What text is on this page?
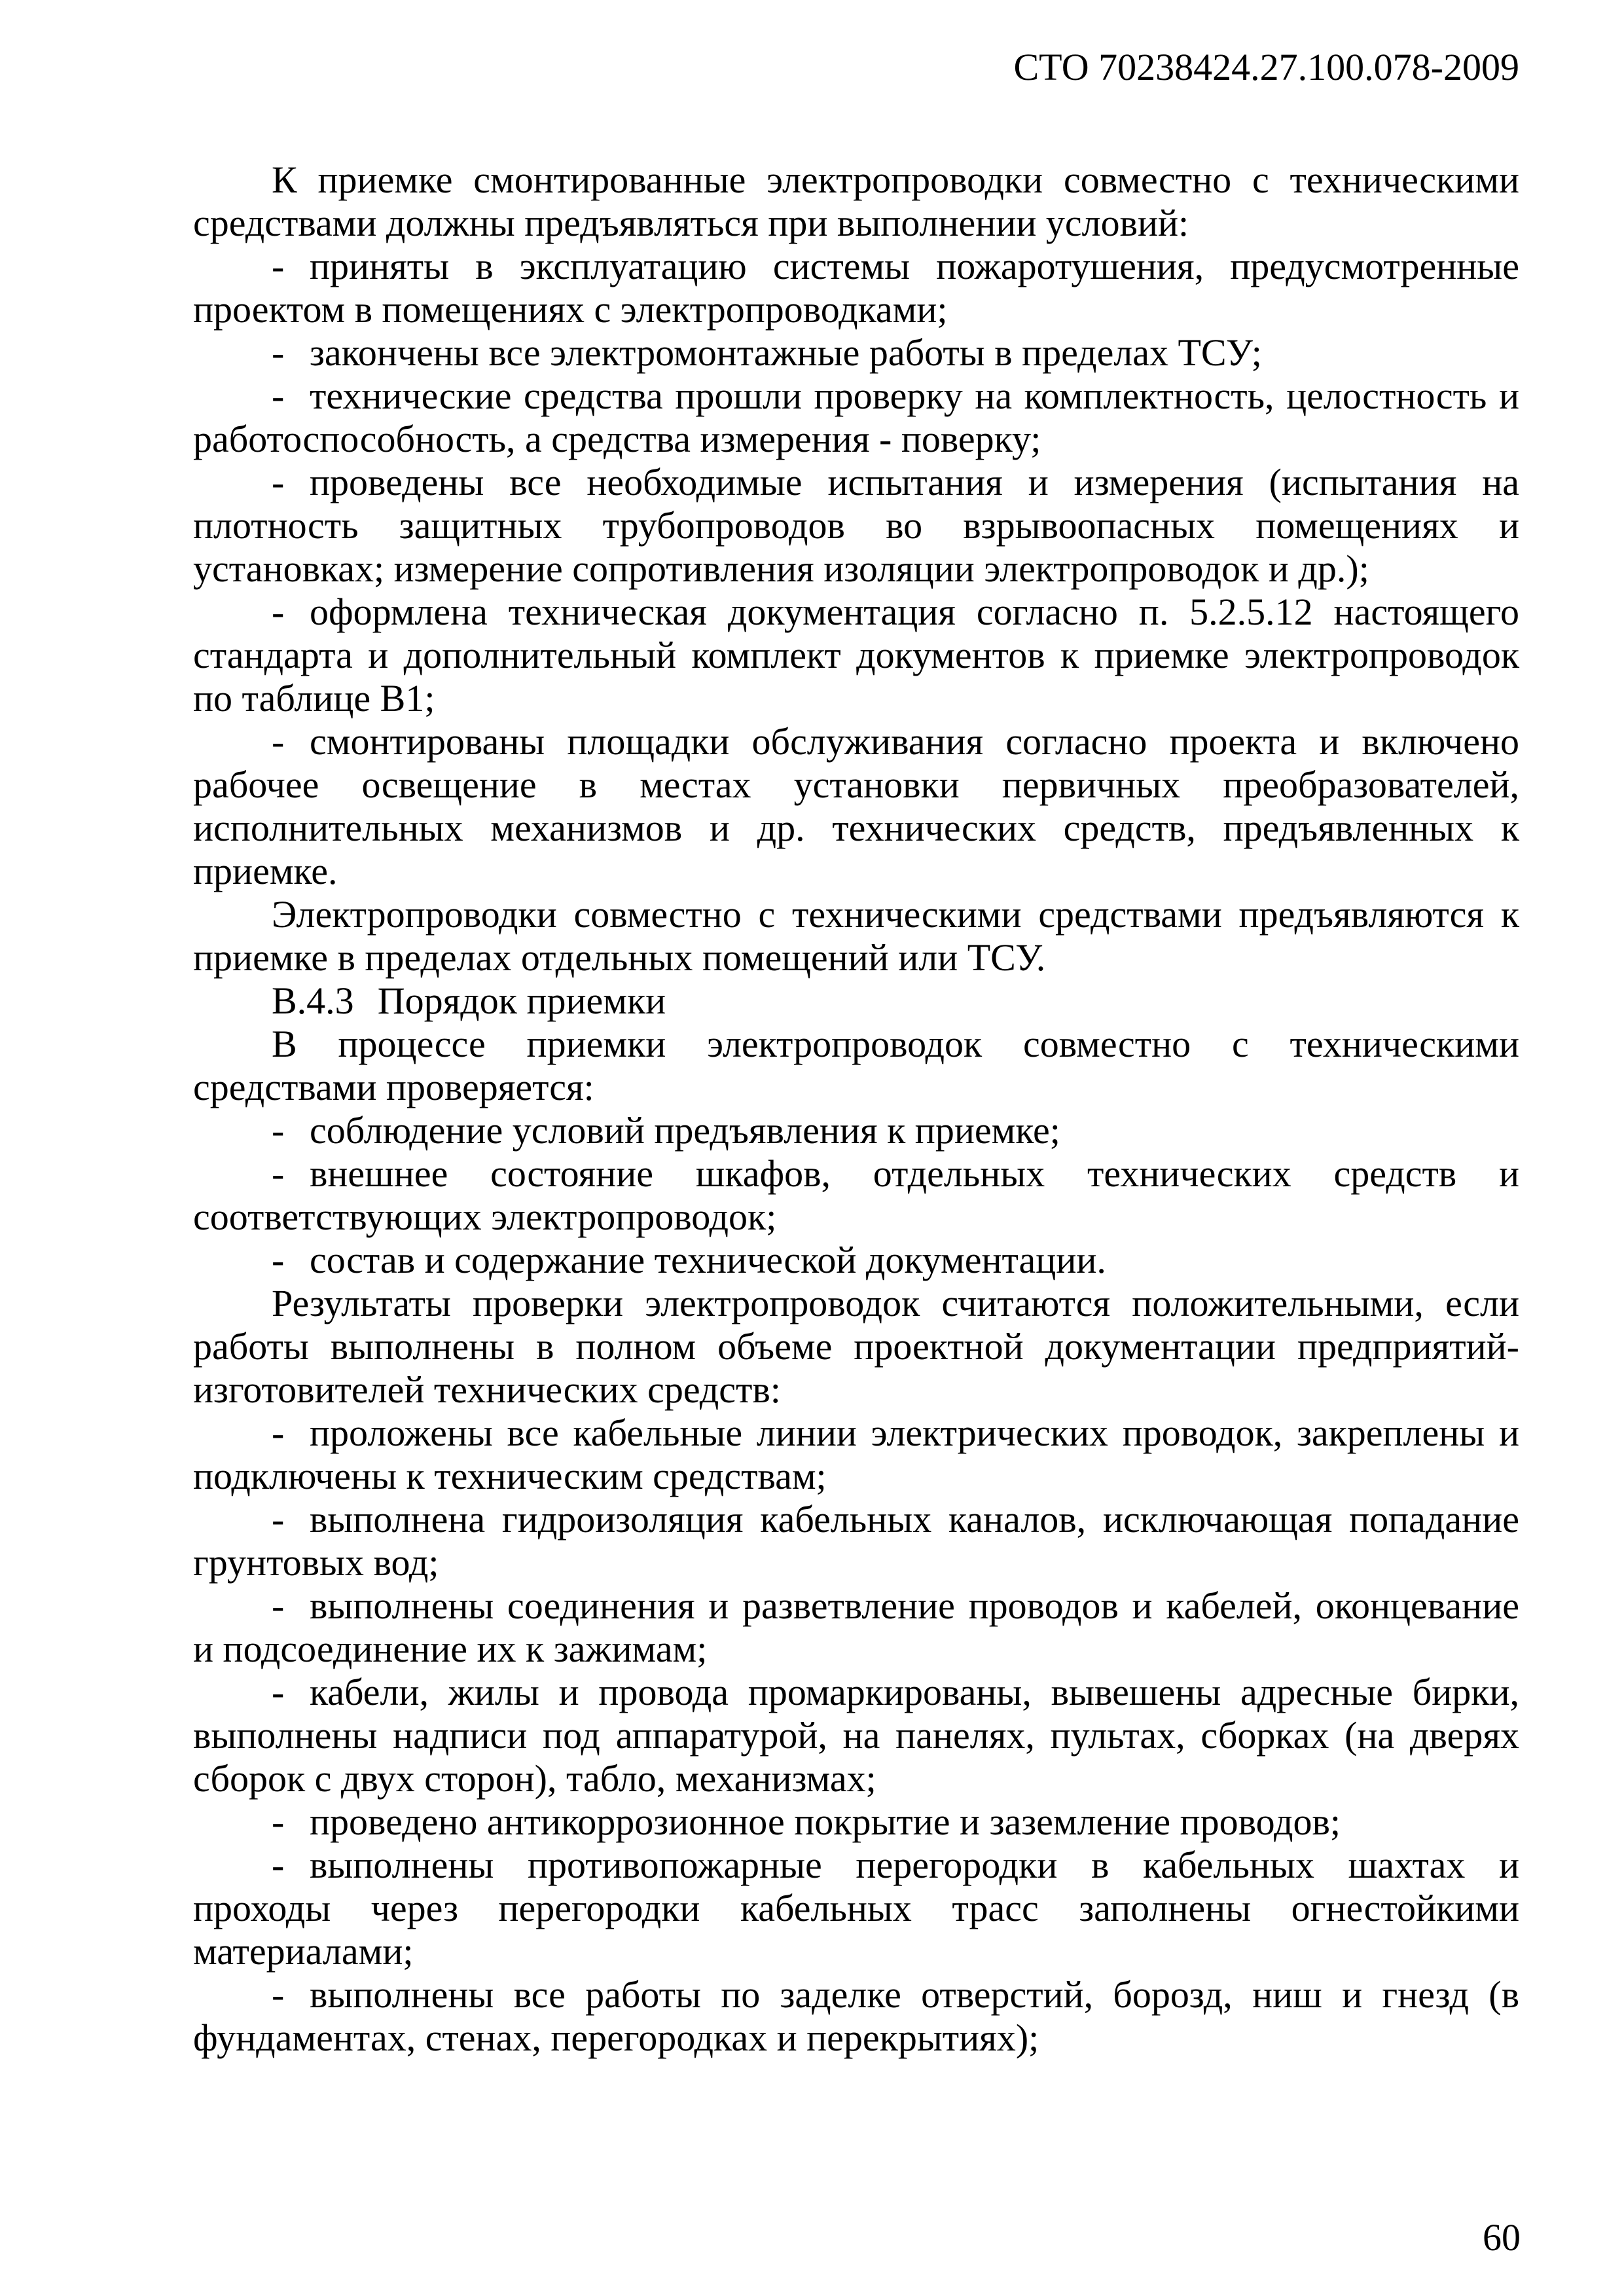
СТО 70238424.27.100.078-2009

К приемке смонтированные электропроводки совместно с техническими средствами должны предъявляться при выполнении условий:

- приняты в эксплуатацию системы пожаротушения, предусмотренные проектом в помещениях с электропроводками;

- закончены все электромонтажные работы в пределах ТСУ;

- технические средства прошли проверку на комплектность, целостность и работоспособность, а средства измерения - поверку;

- проведены все необходимые испытания и измерения (испытания на плотность защитных трубопроводов во взрывоопасных помещениях и установках; измерение сопротивления изоляции электропроводок и др.);

- оформлена техническая документация согласно п. 5.2.5.12 настоящего стандарта и дополнительный комплект документов к приемке электропроводок по таблице В1;

- смонтированы площадки обслуживания согласно проекта и включено рабочее освещение в местах установки первичных преобразователей, исполнительных механизмов и др. технических средств, предъявленных к приемке.

Электропроводки совместно с техническими средствами предъявляются к приемке в пределах отдельных помещений или ТСУ.

В.4.3 Порядок приемки

В процессе приемки электропроводок совместно с техническими средствами проверяется:

- соблюдение условий предъявления к приемке;

- внешнее состояние шкафов, отдельных технических средств и соответствующих электропроводок;

- состав и содержание технической документации.

Результаты проверки электропроводок считаются положительными, если работы выполнены в полном объеме проектной документации предприятий-изготовителей технических средств:

- проложены все кабельные линии электрических проводок, закреплены и подключены к техническим средствам;

- выполнена гидроизоляция кабельных каналов, исключающая попадание грунтовых вод;

- выполнены соединения и разветвление проводов и кабелей, оконцевание и подсоединение их к зажимам;

- кабели, жилы и провода промаркированы, вывешены адресные бирки, выполнены надписи под аппаратурой, на панелях, пультах, сборках (на дверях сборок с двух сторон), табло, механизмах;

- проведено антикоррозионное покрытие и заземление проводов;

- выполнены противопожарные перегородки в кабельных шахтах и проходы через перегородки кабельных трасс заполнены огнестойкими материалами;

- выполнены все работы по заделке отверстий, борозд, ниш и гнезд (в фундаментах, стенах, перегородках и перекрытиях);

60
